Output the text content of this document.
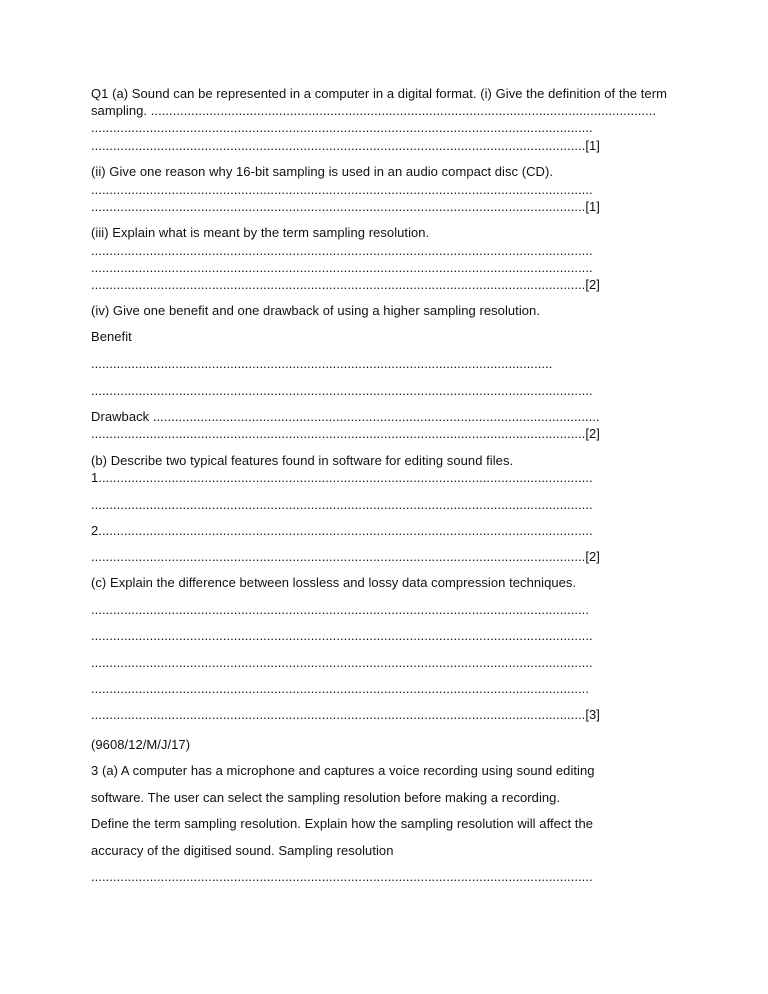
Q1 (a) Sound can be represented in a computer in a digital format. (i) Give the definition of the term
sampling. ..........................................................................................................................................
.........................................................................................................................................
.......................................................................................................................................[1]
(ii) Give one reason why 16-bit sampling is used in an audio compact disc (CD).
.........................................................................................................................................
.......................................................................................................................................[1]
(iii) Explain what is meant by the term sampling resolution.
.........................................................................................................................................
.........................................................................................................................................
.......................................................................................................................................[2]
(iv) Give one benefit and one drawback of using a higher sampling resolution.
Benefit
..............................................................................................................................
.........................................................................................................................................
Drawback ..........................................................................................................................
.......................................................................................................................................[2]
(b) Describe two typical features found in software for editing sound files.
1.......................................................................................................................................
.........................................................................................................................................
2.......................................................................................................................................
.......................................................................................................................................[2]
(c) Explain the difference between lossless and lossy data compression techniques.
........................................................................................................................................
.........................................................................................................................................
.........................................................................................................................................
........................................................................................................................................
.......................................................................................................................................[3]
(9608/12/M/J/17)
3 (a) A computer has a microphone and captures a voice recording using sound editing
software. The user can select the sampling resolution before making a recording.
Define the term sampling resolution. Explain how the sampling resolution will affect the
accuracy of the digitised sound. Sampling resolution
.........................................................................................................................................
